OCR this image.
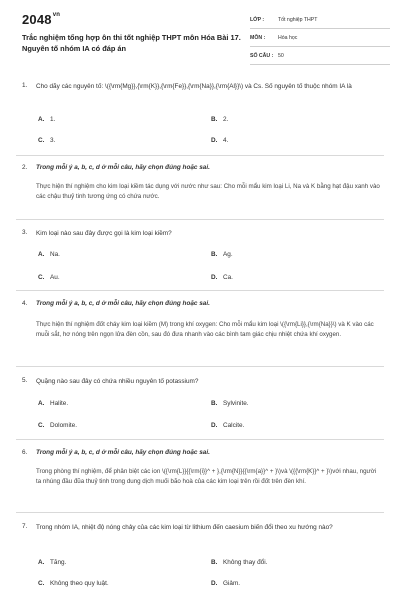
$2048^{vn}$
Trắc nghiệm tổng hợp ôn thi tốt nghiệp THPT môn Hóa Bài 17. Nguyên tố nhóm IA có đáp án
LỚP :	Tốt nghiệp THPT
MÔN : Hóa học
SỐ CÂU : 50
1. Cho dãy các nguyên tố: \({\rm{Mg}},{\rm{K}},{\rm{Fe}},{\rm{Na}},{\rm{Al}}\) và Cs. Số nguyên tố thuộc nhóm IA là
A. 1.	B. 2.
C. 3.	D. 4.
2. Trong mỗi ý a, b, c, d ở mỗi câu, hãy chọn đúng hoặc sai.
Thực hiện thí nghiệm cho kim loại kiềm tác dụng với nước như sau: Cho mỗi mẩu kim loại Li, Na và K bằng hạt đậu xanh vào các chậu thuỷ tinh tương ứng có chứa nước.
3. Kim loại nào sau đây được gọi là kim loại kiềm?
A. Na.	B. Ag.
C. Au.	D. Ca.
4. Trong mỗi ý a, b, c, d ở mỗi câu, hãy chọn đúng hoặc sai.
Thực hiện thí nghiệm đốt cháy kim loại kiềm (M) trong khí oxygen: Cho mỗi mẩu kim loại \({\rm{Li}},{\rm{Na}}\) và K vào các muỗi sắt, hơ nóng trên ngọn lửa đèn cồn, sau đó đưa nhanh vào các bình tam giác chịu nhiệt chứa khí oxygen.
5. Quặng nào sau đây có chứa nhiều nguyên tố potassium?
A. Halite.	B. Sylvinite.
C. Dolomite.	D. Calcite.
6. Trong mỗi ý a, b, c, d ở mỗi câu, hãy chọn đúng hoặc sai.
Trong phòng thí nghiệm, để phân biệt các ion \({\rm{L}}{{\rm{i}}^ + },{\rm{N}}{{\rm{a}}^ + }\)và \({{\rm{K}}^ + }\)với nhau, người ta nhúng đầu đũa thuỷ tinh trong dung dịch muối bão hoà của các kim loại trên rồi đốt trên đèn khí.
7. Trong nhóm IA, nhiệt độ nóng chảy của các kim loại từ lithium đến caesium biến đổi theo xu hướng nào?
A. Tăng.	B. Không thay đổi.
C. Không theo quy luật.	D. Giảm.
